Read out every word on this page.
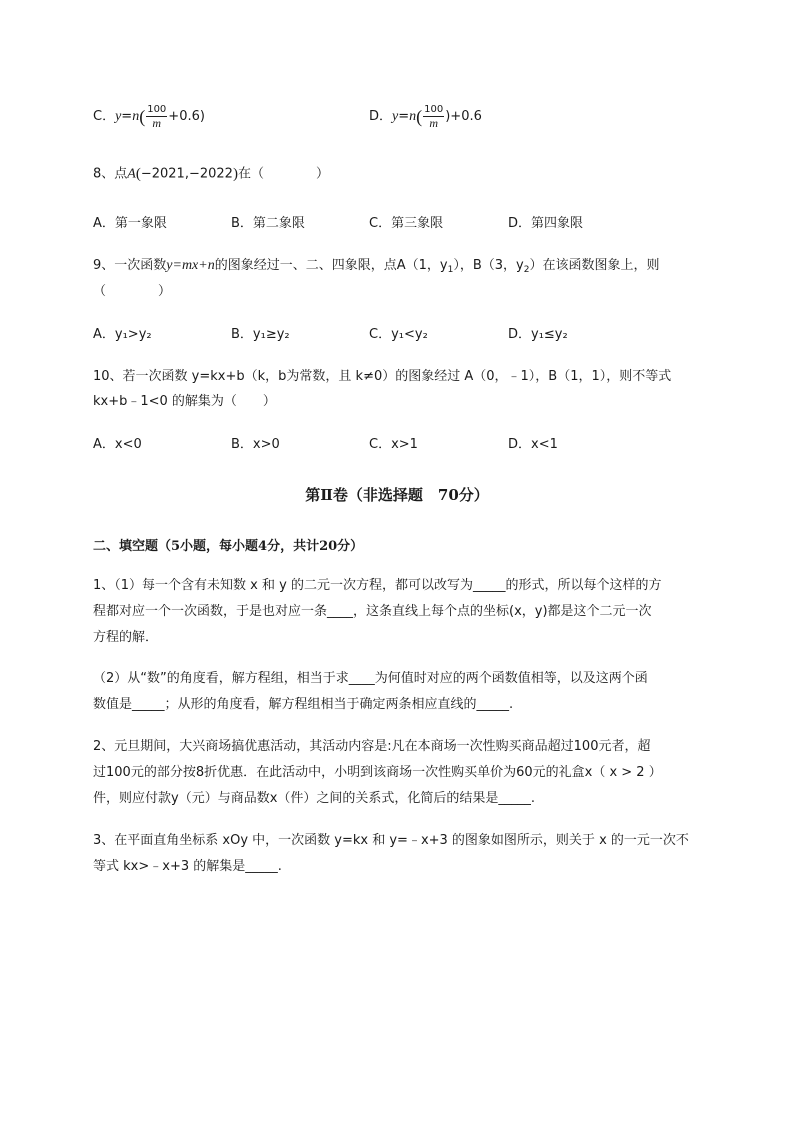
C．$y=n( \frac{100}{m} +0.6)$	D．$y=n( \frac{100}{m} )+0.6$
8、点A(−2021,−2022)在（　　　　）
A．第一象限	B．第二象限	C．第三象限	D．第四象限
9、一次函数y=mx+n的图象经过一、二、四象限，点A（1，$y_1$），B（3，$y_2$）在该函数图象上，则
（　　　　）
A．y₁>y₂	B．y₁≥y₂	C．y₁<y₂	D．y₁≤y₂
10、若一次函数 y=kx+b（k，b为常数，且 k≠0）的图象经过 A（0，﹣1），B（1，1），则不等式
kx+b﹣1<0 的解集为（　　）
A．x<0	B．x>0	C．x>1	D．x<1
第Ⅱ卷（非选择题　70分）
二、填空题（5小题，每小题4分，共计20分）
1、（1）每一个含有未知数 x 和 y 的二元一次方程，都可以改写为_____的形式，所以每个这样的方
程都对应一个一次函数，于是也对应一条____，这条直线上每个点的坐标(x，y)都是这个二元一次
方程的解．
（2）从“数”的角度看，解方程组，相当于求____为何值时对应的两个函数值相等，以及这两个函
数值是_____；从形的角度看，解方程组相当于确定两条相应直线的_____.
2、元旦期间，大兴商场搞优惠活动，其活动内容是:凡在本商场一次性购买商品超过100元者，超
过100元的部分按8折优惠．在此活动中，小明到该商场一次性购买单价为60元的礼盒x（ x > 2 ）
件，则应付款y（元）与商品数x（件）之间的关系式，化简后的结果是_____.
3、在平面直角坐标系 xOy 中，一次函数 y=kx 和 y=﹣x+3 的图象如图所示，则关于 x 的一元一次不
等式 kx>﹣x+3 的解集是_____.
